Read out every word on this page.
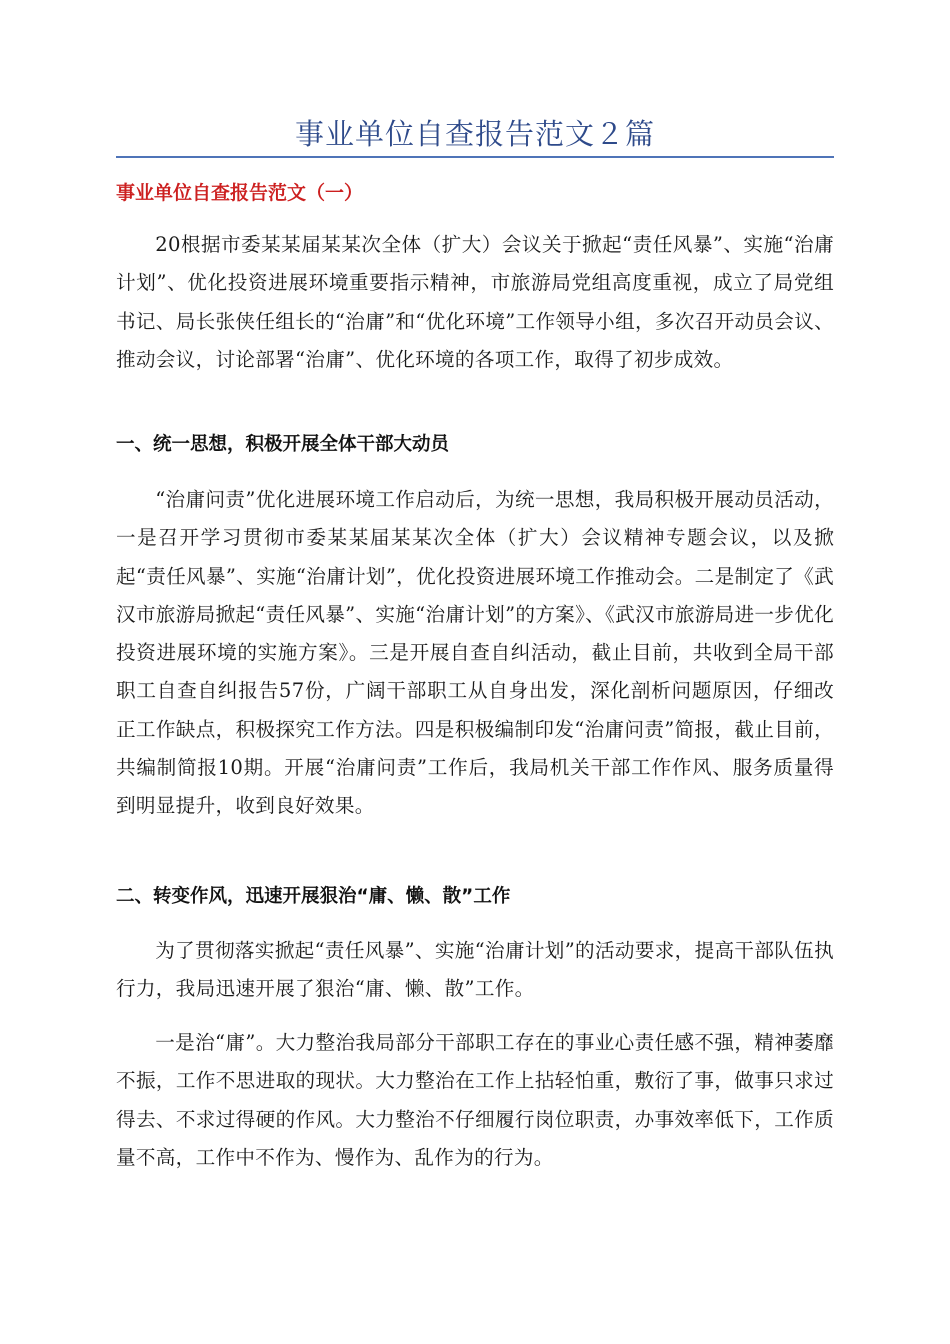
事业单位自查报告范文２篇
事业单位自查报告范文（一）

20根据市委某某届某某次全体（扩大）会议关于掀起“责任风暴”、实施“治庸计划”、优化投资进展环境重要指示精神，市旅游局党组高度重视，成立了局党组书记、局长张侠任组长的“治庸”和“优化环境”工作领导小组，多次召开动员会议、推动会议，讨论部署“治庸”、优化环境的各项工作，取得了初步成效。

一、统一思想，积极开展全体干部大动员

“治庸问责”优化进展环境工作启动后，为统一思想，我局积极开展动员活动，一是召开学习贯彻市委某某届某某次全体（扩大）会议精神专题会议，以及掀起“责任风暴”、实施“治庸计划”，优化投资进展环境工作推动会。二是制定了《武汉市旅游局掀起“责任风暴”、实施“治庸计划”的方案》、《武汉市旅游局进一步优化投资进展环境的实施方案》。三是开展自查自纠活动，截止目前，共收到全局干部职工自查自纠报告57份，广阔干部职工从自身出发，深化剖析问题原因，仔细改正工作缺点，积极探究工作方法。四是积极编制印发“治庸问责”简报，截止目前，共编制简报10期。开展“治庸问责”工作后，我局机关干部工作作风、服务质量得到明显提升，收到良好效果。

二、转变作风，迅速开展狠治“庸、懒、散”工作

为了贯彻落实掀起“责任风暴”、实施“治庸计划”的活动要求，提高干部队伍执行力，我局迅速开展了狠治“庸、懒、散”工作。

一是治“庸”。大力整治我局部分干部职工存在的事业心责任感不强，精神萎靡不振，工作不思进取的现状。大力整治在工作上拈轻怕重，敷衍了事，做事只求过得去、不求过得硬的作风。大力整治不仔细履行岗位职责，办事效率低下，工作质量不高，工作中不作为、慢作为、乱作为的行为。
